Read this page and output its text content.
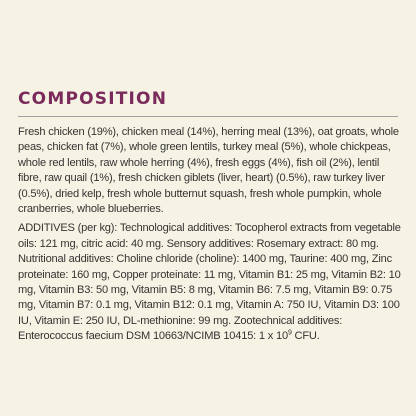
COMPOSITION

Fresh chicken (19%), chicken meal (14%), herring meal (13%), oat groats, whole peas, chicken fat (7%), whole green lentils, turkey meal (5%), whole chickpeas, whole red lentils, raw whole herring (4%), fresh eggs (4%), fish oil (2%), lentil fibre, raw quail (1%), fresh chicken giblets (liver, heart) (0.5%), raw turkey liver (0.5%), dried kelp, fresh whole butternut squash, fresh whole pumpkin, whole cranberries, whole blueberries.

ADDITIVES (per kg): Technological additives: Tocopherol extracts from vegetable oils: 121 mg, citric acid: 40 mg. Sensory additives: Rosemary extract: 80 mg. Nutritional additives: Choline chloride (choline): 1400 mg, Taurine: 400 mg, Zinc proteinate: 160 mg, Copper proteinate: 11 mg, Vitamin B1: 25 mg, Vitamin B2: 10 mg, Vitamin B3: 50 mg, Vitamin B5: 8 mg, Vitamin B6: 7.5 mg, Vitamin B9: 0.75 mg, Vitamin B7: 0.1 mg, Vitamin B12: 0.1 mg, Vitamin A: 750 IU, Vitamin D3: 100 IU, Vitamin E: 250 IU, DL-methionine: 99 mg. Zootechnical additives: Enterococcus faecium DSM 10663/NCIMB 10415: 1 x $10^9$ CFU.
